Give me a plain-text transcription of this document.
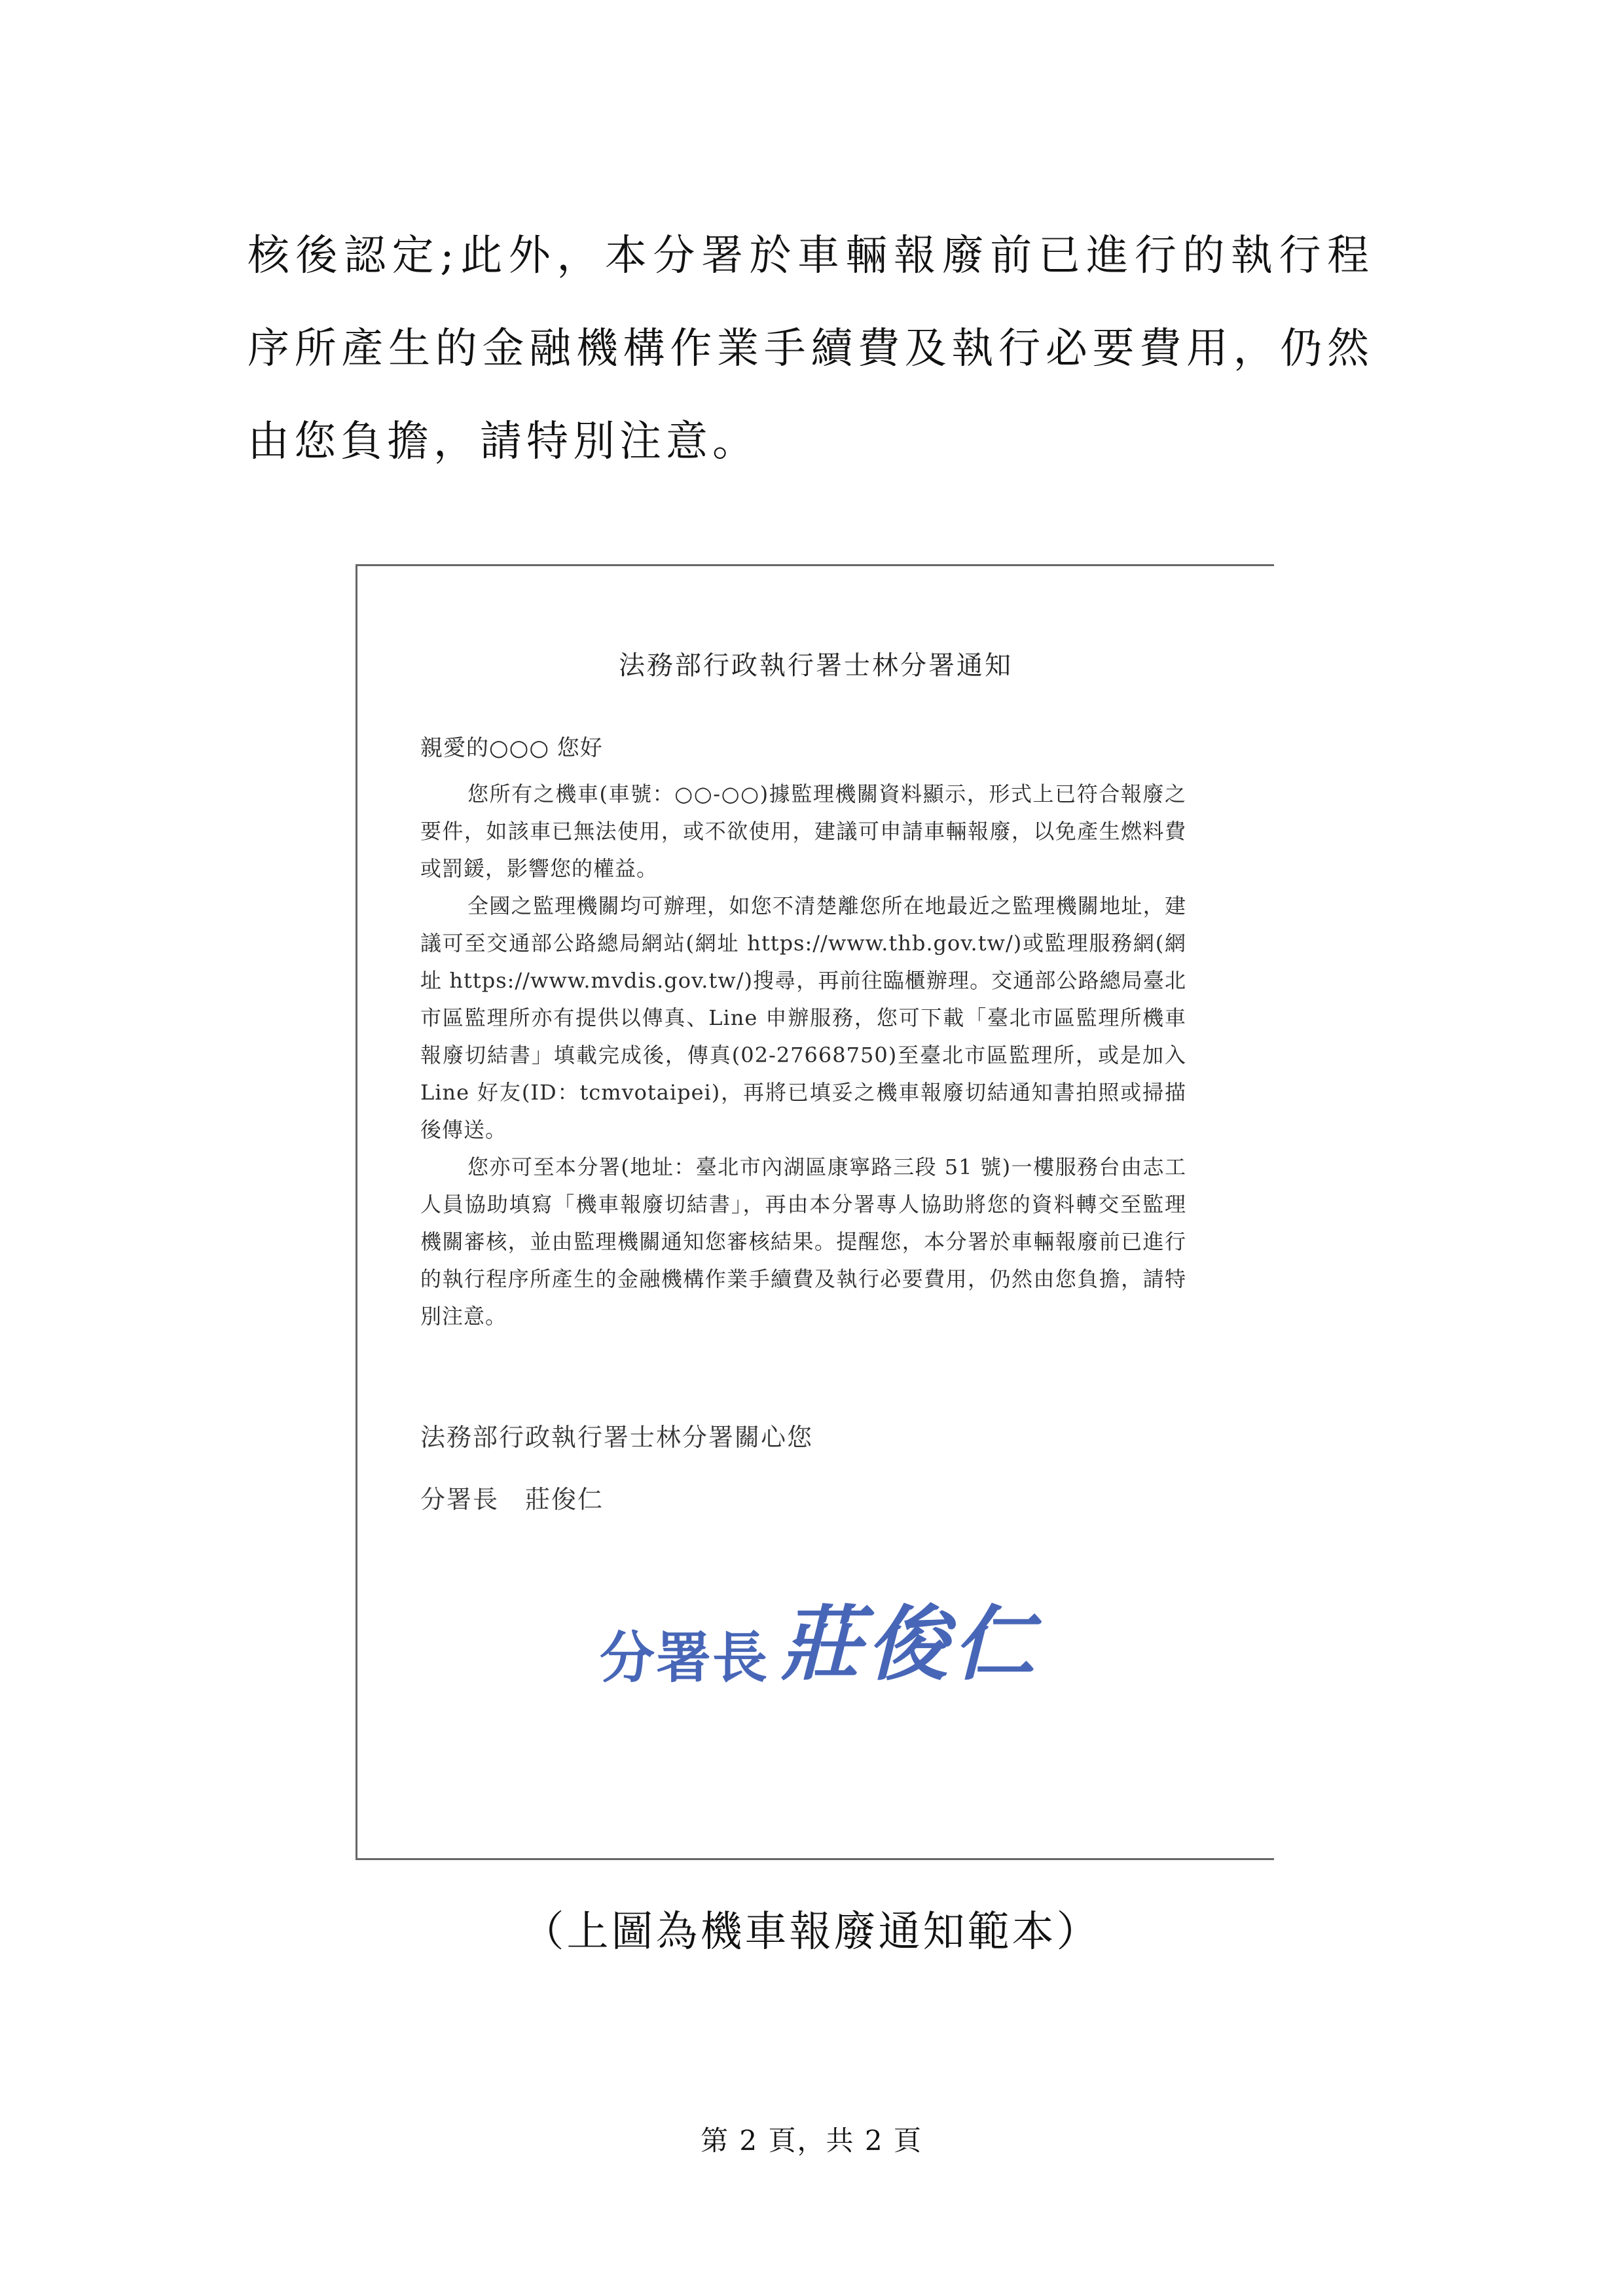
核後認定;此外，本分署於車輛報廢前已進行的執行程序所產生的金融機構作業手續費及執行必要費用，仍然由您負擔，請特別注意。

法務部行政執行署士林分署通知

親愛的○○○ 您好

您所有之機車(車號：○○-○○)據監理機關資料顯示，形式上已符合報廢之要件，如該車已無法使用，或不欲使用，建議可申請車輛報廢，以免產生燃料費或罰鍰，影響您的權益。

全國之監理機關均可辦理，如您不清楚離您所在地最近之監理機關地址，建議可至交通部公路總局網站(網址 https://www.thb.gov.tw/)或監理服務網(網址 https://www.mvdis.gov.tw/)搜尋，再前往臨櫃辦理。交通部公路總局臺北市區監理所亦有提供以傳真、Line 申辦服務，您可下載「臺北市區監理所機車報廢切結書」填載完成後，傳真(02-27668750)至臺北市區監理所，或是加入 Line 好友(ID：tcmvotaipei)，再將已填妥之機車報廢切結通知書拍照或掃描後傳送。

您亦可至本分署(地址：臺北市內湖區康寧路三段 51 號)一樓服務台由志工人員協助填寫「機車報廢切結書」，再由本分署專人協助將您的資料轉交至監理機關審核，並由監理機關通知您審核結果。提醒您，本分署於車輛報廢前已進行的執行程序所產生的金融機構作業手續費及執行必要費用，仍然由您負擔，請特別注意。

法務部行政執行署士林分署關心您

分署長 莊俊仁

分署長 莊俊仁

（上圖為機車報廢通知範本）

第 2 頁，共 2 頁
